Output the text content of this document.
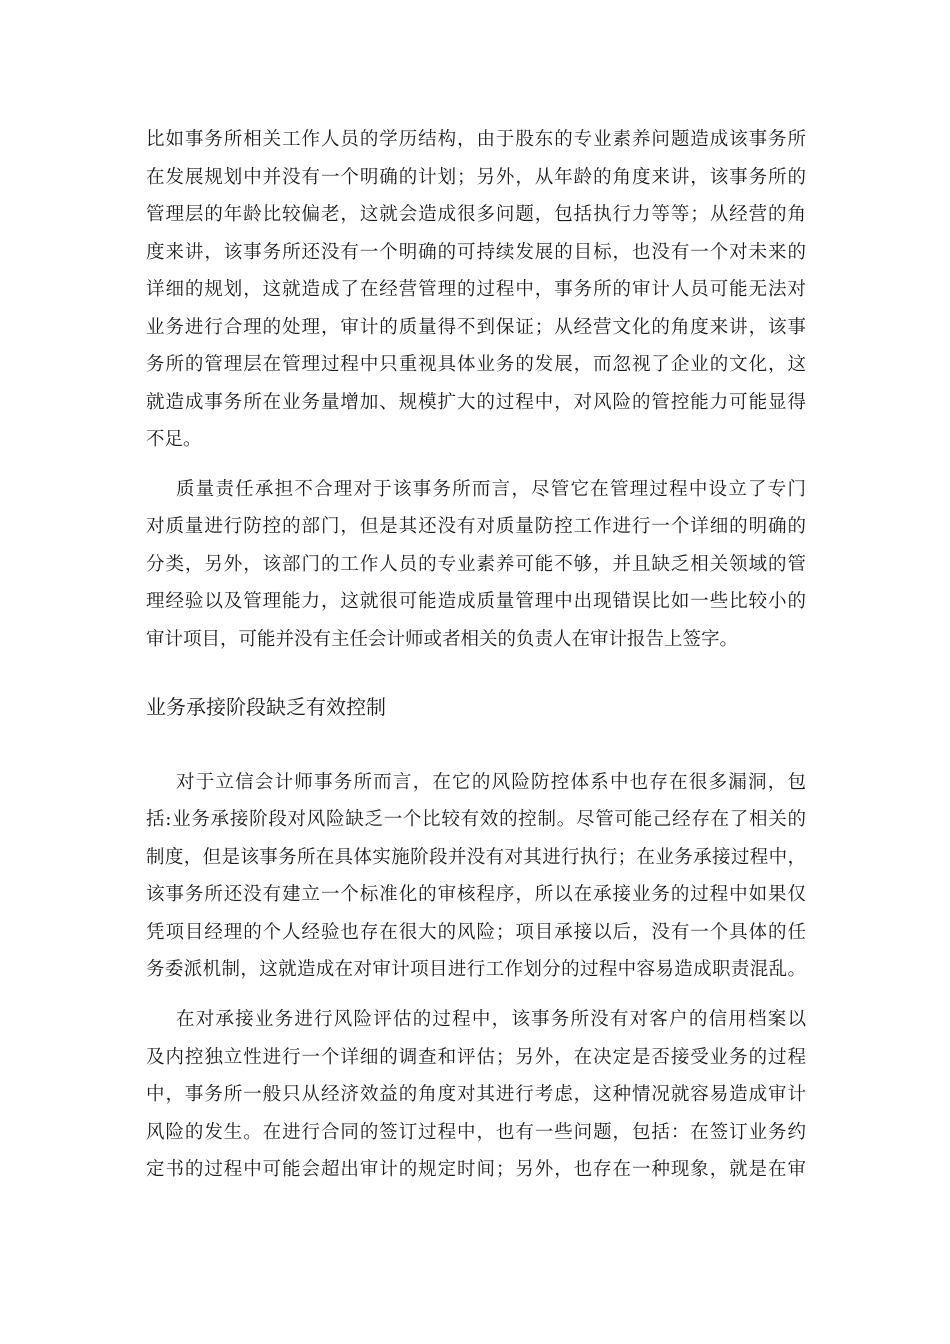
比如事务所相关工作人员的学历结构，由于股东的专业素养问题造成该事务所
在发展规划中并没有一个明确的计划；另外，从年龄的角度来讲，该事务所的
管理层的年龄比较偏老，这就会造成很多问题，包括执行力等等；从经营的角
度来讲，该事务所还没有一个明确的可持续发展的目标，也没有一个对未来的
详细的规划，这就造成了在经营管理的过程中，事务所的审计人员可能无法对
业务进行合理的处理，审计的质量得不到保证；从经营文化的角度来讲，该事
务所的管理层在管理过程中只重视具体业务的发展，而忽视了企业的文化，这
就造成事务所在业务量增加、规模扩大的过程中，对风险的管控能力可能显得
不足。
质量责任承担不合理对于该事务所而言，尽管它在管理过程中设立了专门
对质量进行防控的部门，但是其还没有对质量防控工作进行一个详细的明确的
分类，另外，该部门的工作人员的专业素养可能不够，并且缺乏相关领域的管
理经验以及管理能力，这就很可能造成质量管理中出现错误比如一些比较小的
审计项目，可能并没有主任会计师或者相关的负责人在审计报告上签字。
业务承接阶段缺乏有效控制
对于立信会计师事务所而言，在它的风险防控体系中也存在很多漏洞，包
括:业务承接阶段对风险缺乏一个比较有效的控制。尽管可能己经存在了相关的
制度，但是该事务所在具体实施阶段并没有对其进行执行；在业务承接过程中，
该事务所还没有建立一个标准化的审核程序，所以在承接业务的过程中如果仅
凭项目经理的个人经验也存在很大的风险；项目承接以后，没有一个具体的任
务委派机制，这就造成在对审计项目进行工作划分的过程中容易造成职责混乱。
在对承接业务进行风险评估的过程中，该事务所没有对客户的信用档案以
及内控独立性进行一个详细的调查和评估；另外，在决定是否接受业务的过程
中，事务所一般只从经济效益的角度对其进行考虑，这种情况就容易造成审计
风险的发生。在进行合同的签订过程中，也有一些问题，包括：在签订业务约
定书的过程中可能会超出审计的规定时间；另外，也存在一种现象，就是在审
